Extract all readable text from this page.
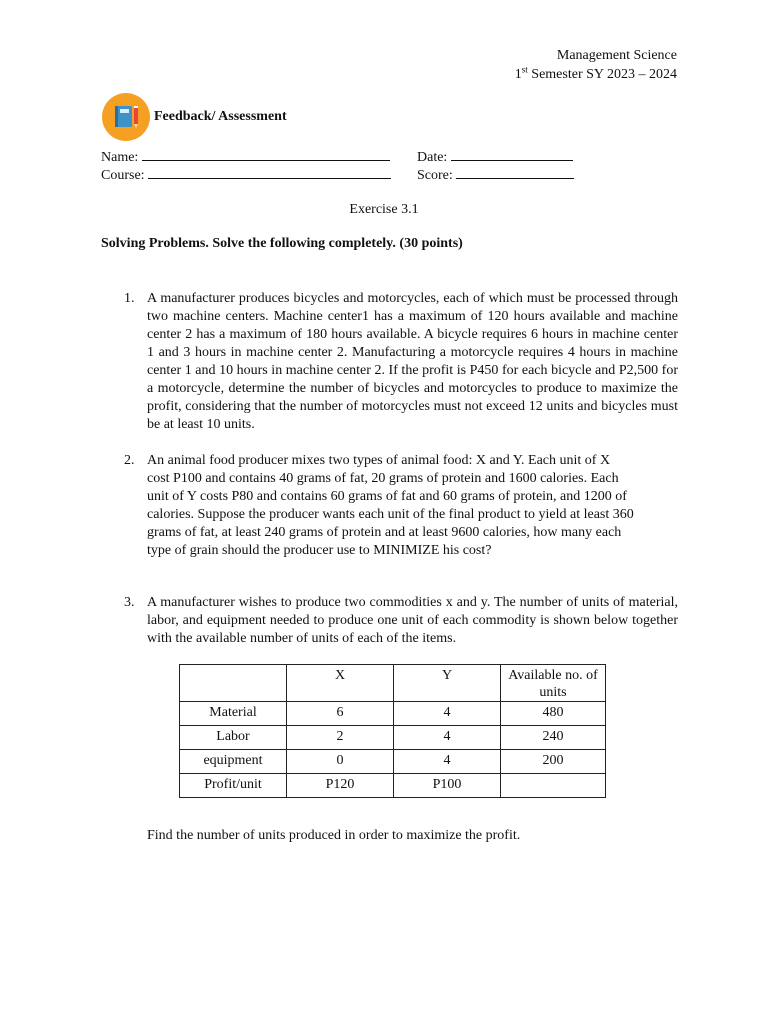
Management Science
1st Semester SY 2023 – 2024
Feedback/ Assessment
Name:	Date:
Course:	Score:
Exercise 3.1
Solving Problems. Solve the following completely. (30 points)
1. A manufacturer produces bicycles and motorcycles, each of which must be processed through two machine centers. Machine center1 has a maximum of 120 hours available and machine center 2 has a maximum of 180 hours available. A bicycle requires 6 hours in machine center 1 and 3 hours in machine center 2. Manufacturing a motorcycle requires 4 hours in machine center 1 and 10 hours in machine center 2. If the profit is P450 for each bicycle and P2,500 for a motorcycle, determine the number of bicycles and motorcycles to produce to maximize the profit, considering that the number of motorcycles must not exceed 12 units and bicycles must be at least 10 units.
2. An animal food producer mixes two types of animal food: X and Y. Each unit of X cost P100 and contains 40 grams of fat, 20 grams of protein and 1600 calories. Each unit of Y costs P80 and contains 60 grams of fat and 60 grams of protein, and 1200 of calories. Suppose the producer wants each unit of the final product to yield at least 360 grams of fat, at least 240 grams of protein and at least 9600 calories, how many each type of grain should the producer use to MINIMIZE his cost?
3. A manufacturer wishes to produce two commodities x and y. The number of units of material, labor, and equipment needed to produce one unit of each commodity is shown below together with the available number of units of each of the items.
	X	Y	Available no. of units
Material	6	4	480
Labor	2	4	240
equipment	0	4	200
Profit/unit	P120	P100	
Find the number of units produced in order to maximize the profit.
